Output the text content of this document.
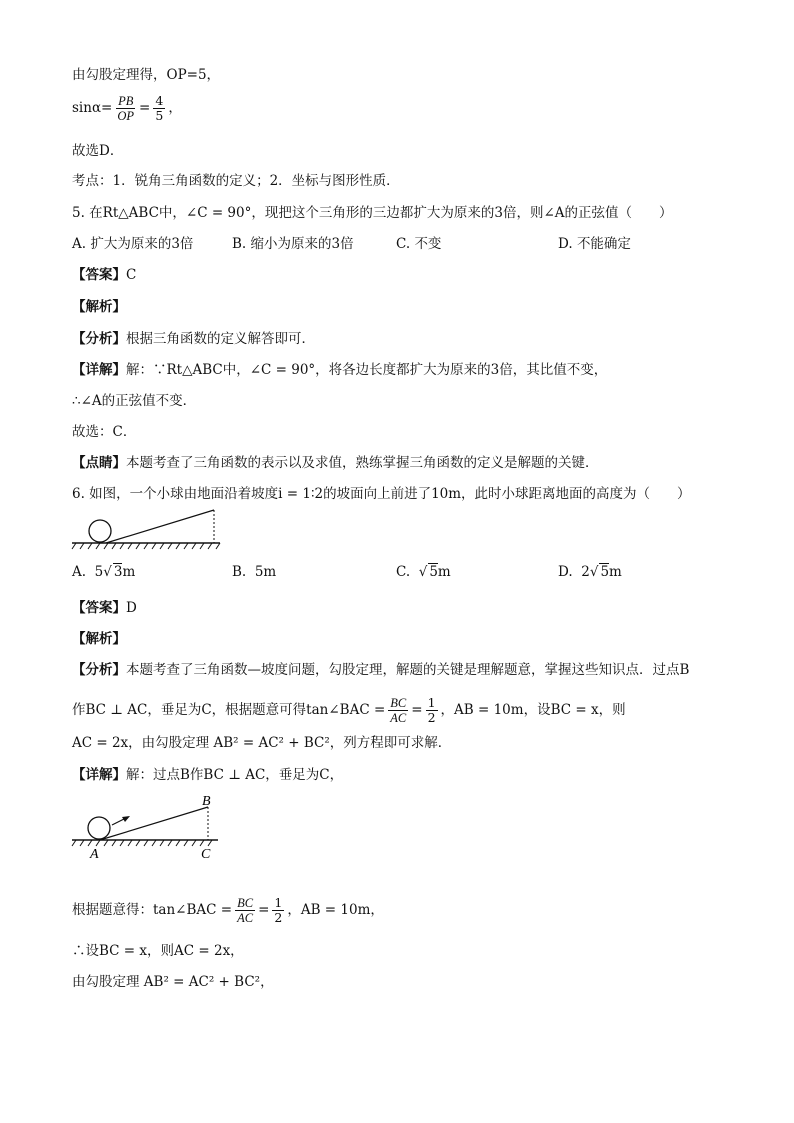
由勾股定理得，OP=5，
$\sin\alpha= \frac{PB}{OP} = \frac{4}{5}$ ，
故选D．
考点：1．锐角三角函数的定义；2．坐标与图形性质．
5. 在Rt△ABC中，∠C = 90°，现把这个三角形的三边都扩大为原来的3倍，则∠A的正弦值（　　）
A. 扩大为原来的3倍	B. 缩小为原来的3倍	C. 不变	D. 不能确定
【答案】C
【解析】
【分析】根据三角函数的定义解答即可．
【详解】解：∵Rt△ABC中，∠C = 90°，将各边长度都扩大为原来的3倍，其比值不变，
∴∠A的正弦值不变．
故选：C．
【点睛】本题考查了三角函数的表示以及求值，熟练掌握三角函数的定义是解题的关键．
6. 如图，一个小球由地面沿着坡度i = 1∶2的坡面向上前进了10m，此时小球距离地面的高度为（　　）
A. 5√ 3m	B. 5m	C.  √ 5m	D. 2√ 5m
【答案】D
【解析】
【分析】本题考查了三角函数—坡度问题，勾股定理，解题的关键是理解题意，掌握这些知识点．过点B
作BC ⊥ AC，垂足为C，根据题意可得tan∠BAC = $\frac{BC}{AC} = \frac{1}{2}$ ，AB = 10m，设BC = x，则
AC = 2x，由勾股定理 AB² = AC² + BC²，列方程即可求解．
【详解】解：过点B作BC ⊥ AC，垂足为C，
A
B
C
根据题意得：tan∠BAC = $\frac{BC}{AC} = \frac{1}{2}$ ，AB = 10m，
∴设BC = x，则AC = 2x，
由勾股定理 AB² = AC² + BC²，
